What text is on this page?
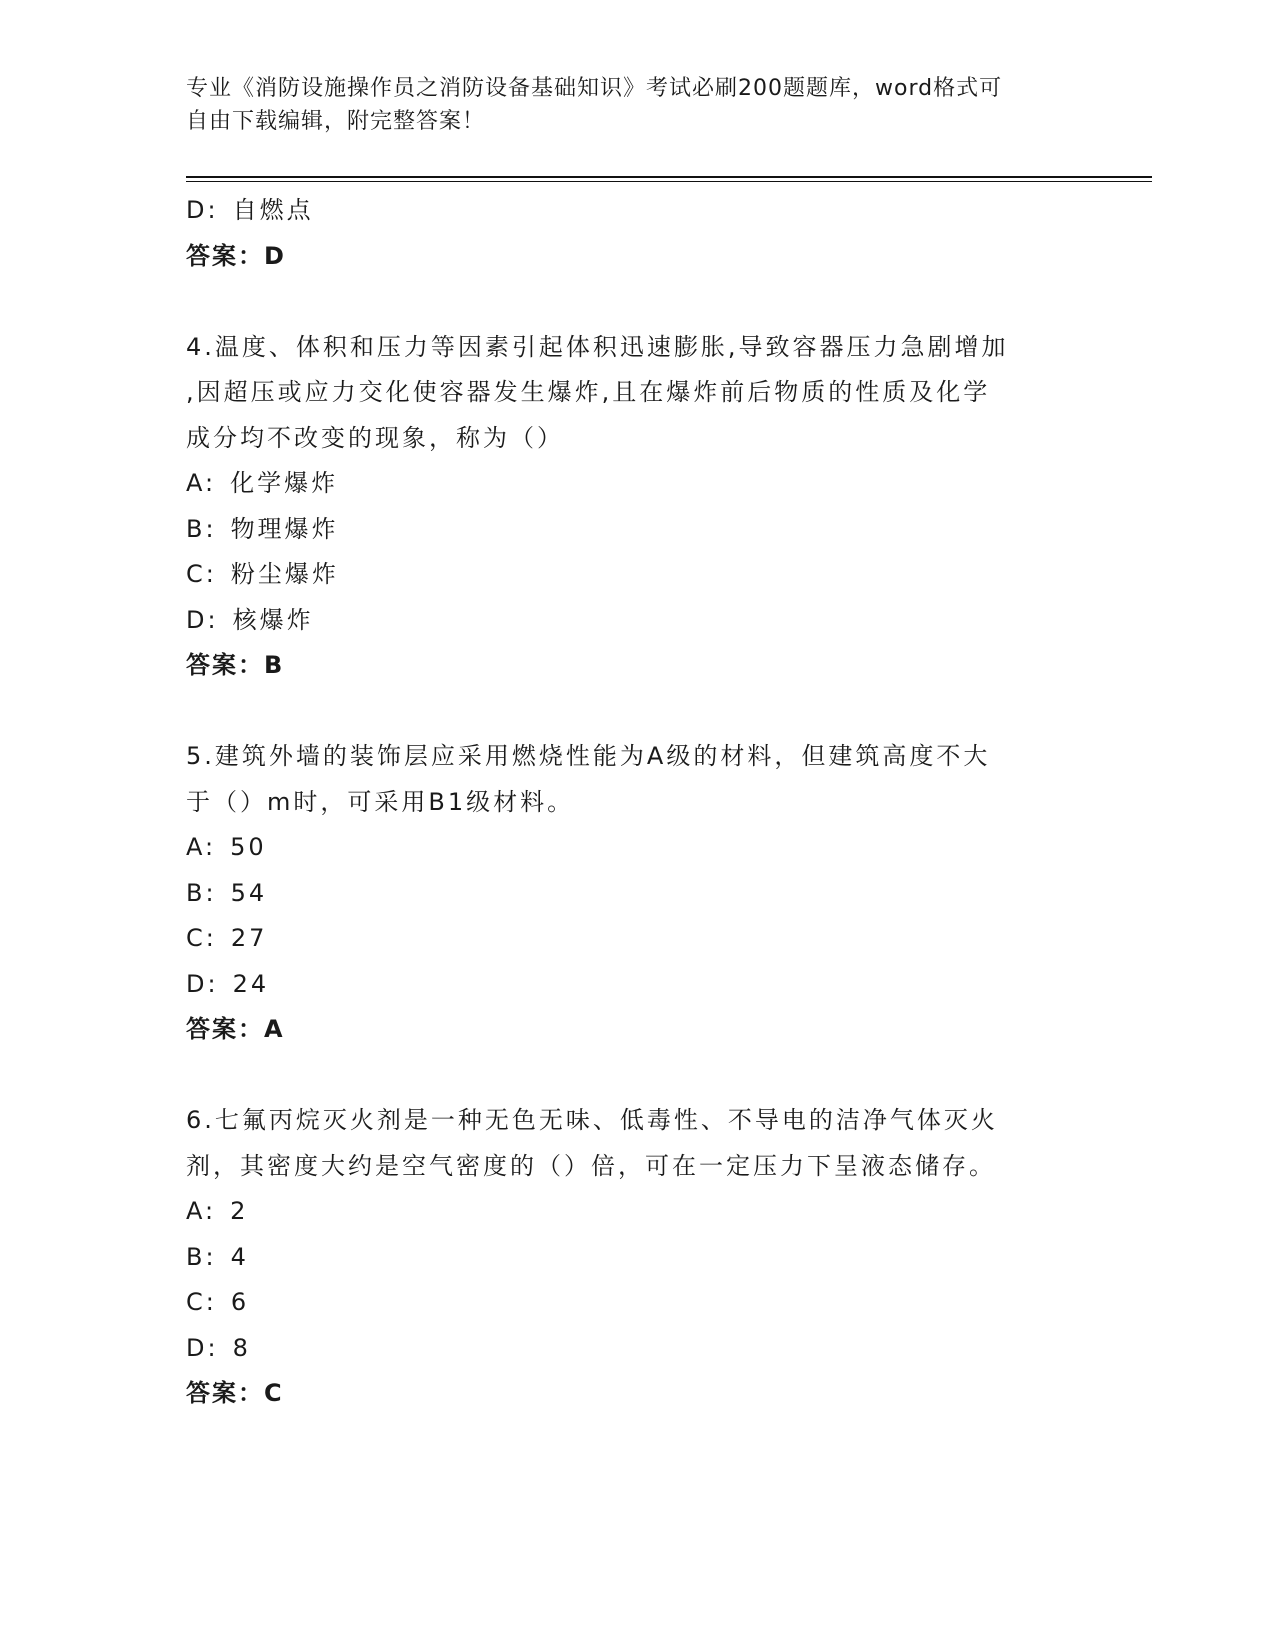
专业《消防设施操作员之消防设备基础知识》考试必刷200题题库，word格式可
自由下载编辑，附完整答案！
D: 自燃点
答案：D
4.温度、体积和压力等因素引起体积迅速膨胀,导致容器压力急剧增加
,因超压或应力交化使容器发生爆炸,且在爆炸前后物质的性质及化学
成分均不改变的现象，称为（）
A: 化学爆炸
B: 物理爆炸
C: 粉尘爆炸
D: 核爆炸
答案：B
5.建筑外墙的装饰层应采用燃烧性能为A级的材料，但建筑高度不大
于（）m时，可采用B1级材料。
A: 50
B: 54
C: 27
D: 24
答案：A
6.七氟丙烷灭火剂是一种无色无味、低毒性、不导电的洁净气体灭火
剂，其密度大约是空气密度的（）倍，可在一定压力下呈液态储存。
A: 2
B: 4
C: 6
D: 8
答案：C
